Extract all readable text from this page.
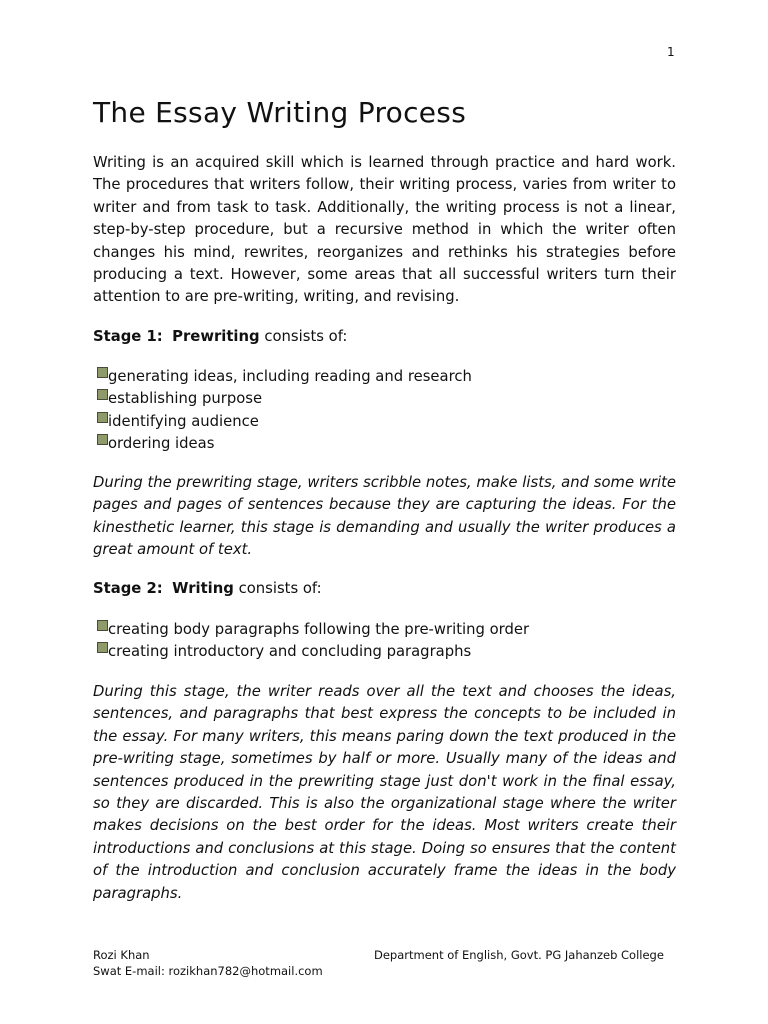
1
The Essay Writing Process

Writing is an acquired skill which is learned through practice and hard work. The procedures that writers follow, their writing process, varies from writer to writer and from task to task. Additionally, the writing process is not a linear, step-by-step procedure, but a recursive method in which the writer often changes his mind, rewrites, reorganizes and rethinks his strategies before producing a text. However, some areas that all successful writers turn their attention to are pre-writing, writing, and revising.

Stage 1: Prewriting consists of:

generating ideas, including reading and research
establishing purpose
identifying audience
ordering ideas

During the prewriting stage, writers scribble notes, make lists, and some write pages and pages of sentences because they are capturing the ideas. For the kinesthetic learner, this stage is demanding and usually the writer produces a great amount of text.

Stage 2: Writing consists of:

creating body paragraphs following the pre-writing order
creating introductory and concluding paragraphs

During this stage, the writer reads over all the text and chooses the ideas, sentences, and paragraphs that best express the concepts to be included in the essay. For many writers, this means paring down the text produced in the pre-writing stage, sometimes by half or more. Usually many of the ideas and sentences produced in the prewriting stage just don't work in the final essay, so they are discarded. This is also the organizational stage where the writer makes decisions on the best order for the ideas. Most writers create their introductions and conclusions at this stage. Doing so ensures that the content of the introduction and conclusion accurately frame the ideas in the body paragraphs.

Rozi Khan
Swat E-mail: rozikhan782@hotmail.com
Department of English, Govt. PG Jahanzeb College
